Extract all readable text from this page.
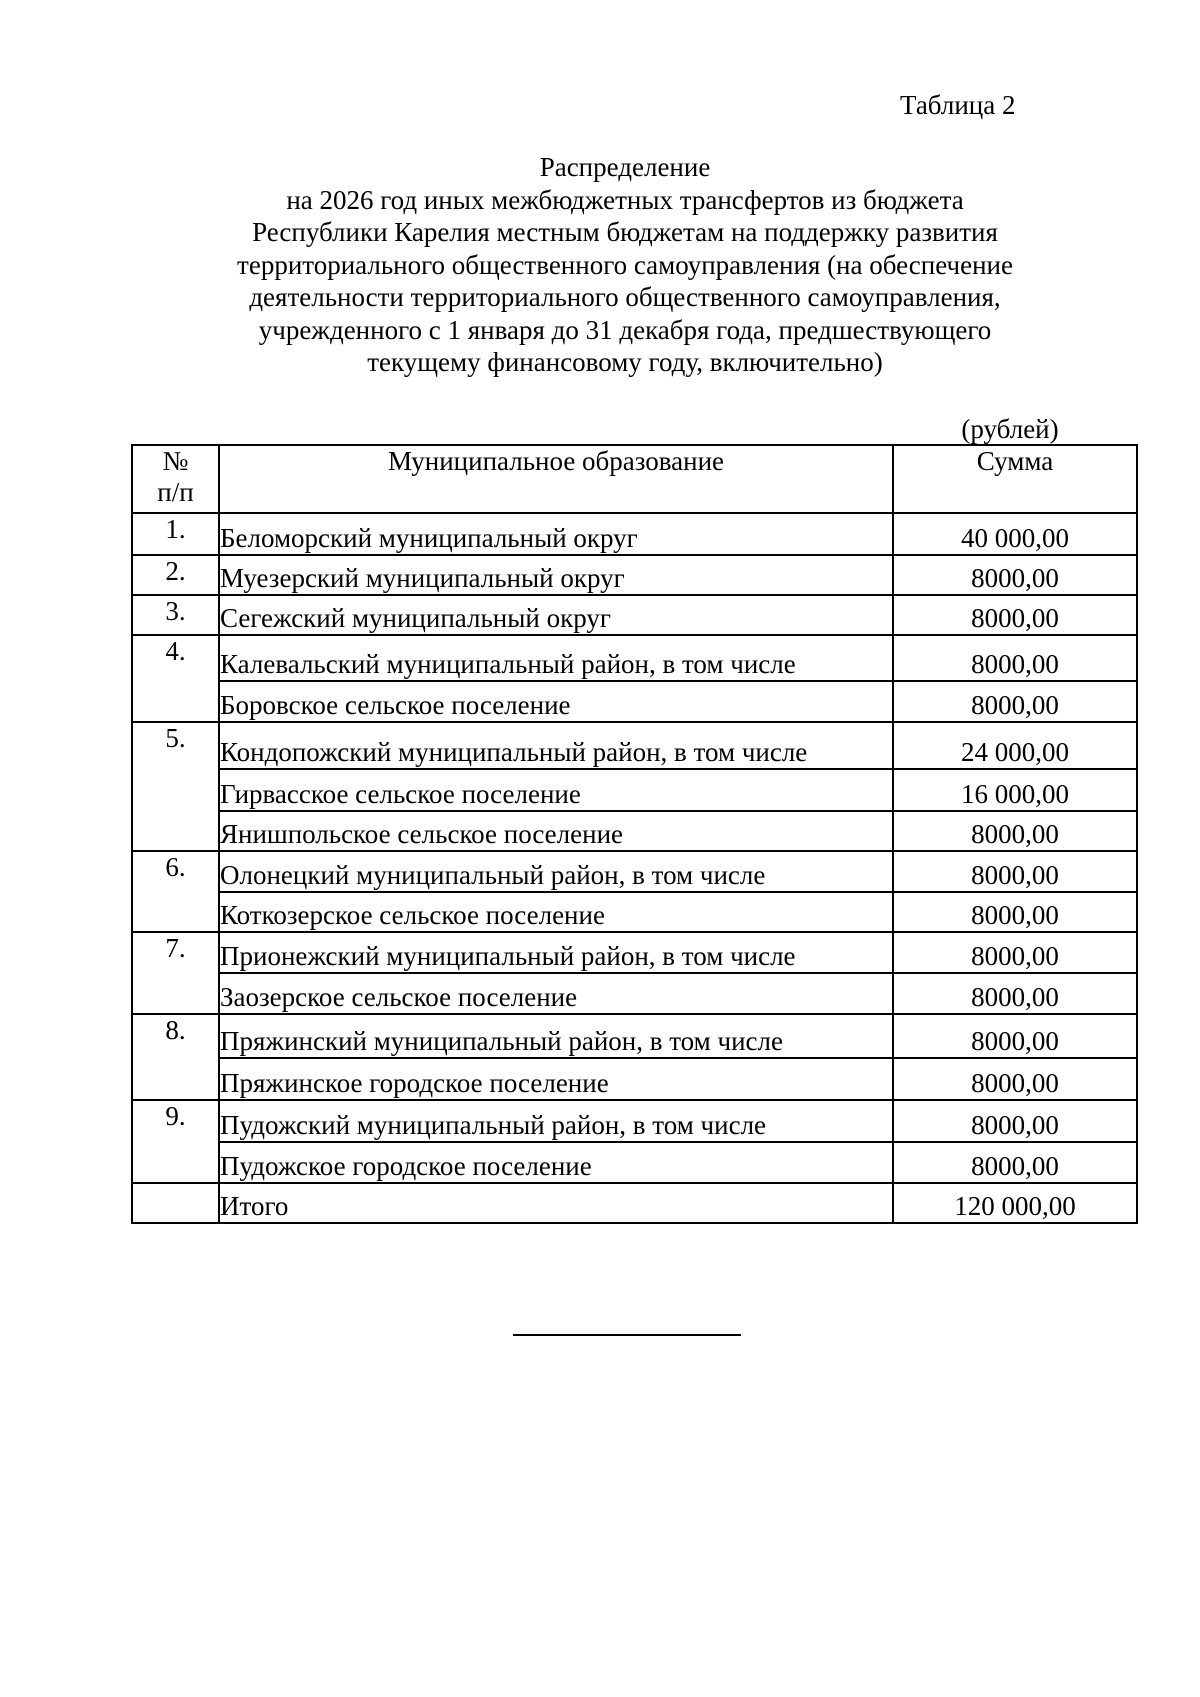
Таблица 2
Распределение
на 2026 год иных межбюджетных трансфертов из бюджета
Республики Карелия местным бюджетам на поддержку развития
территориального общественного самоуправления (на обеспечение
деятельности территориального общественного самоуправления,
учрежденного с 1 января до 31 декабря года, предшествующего
текущему финансовому году, включительно)
(рублей)
№
п/п	Муниципальное образование	Сумма
1.	Беломорский муниципальный округ	40 000,00
2.	Муезерский муниципальный округ	8000,00
3.	Сегежский муниципальный округ	8000,00
4.	Калевальский муниципальный район, в том числе	8000,00
	Боровское сельское поселение	8000,00
5.	Кондопожский муниципальный район, в том числе	24 000,00
	Гирвасское сельское поселение	16 000,00
	Янишпольское сельское поселение	8000,00
6.	Олонецкий муниципальный район, в том числе	8000,00
	Коткозерское сельское поселение	8000,00
7.	Прионежский муниципальный район, в том числе	8000,00
	Заозерское сельское поселение	8000,00
8.	Пряжинский муниципальный район, в том числе	8000,00
	Пряжинское городское поселение	8000,00
9.	Пудожский муниципальный район, в том числе	8000,00
	Пудожское городское поселение	8000,00
	Итого	120 000,00
